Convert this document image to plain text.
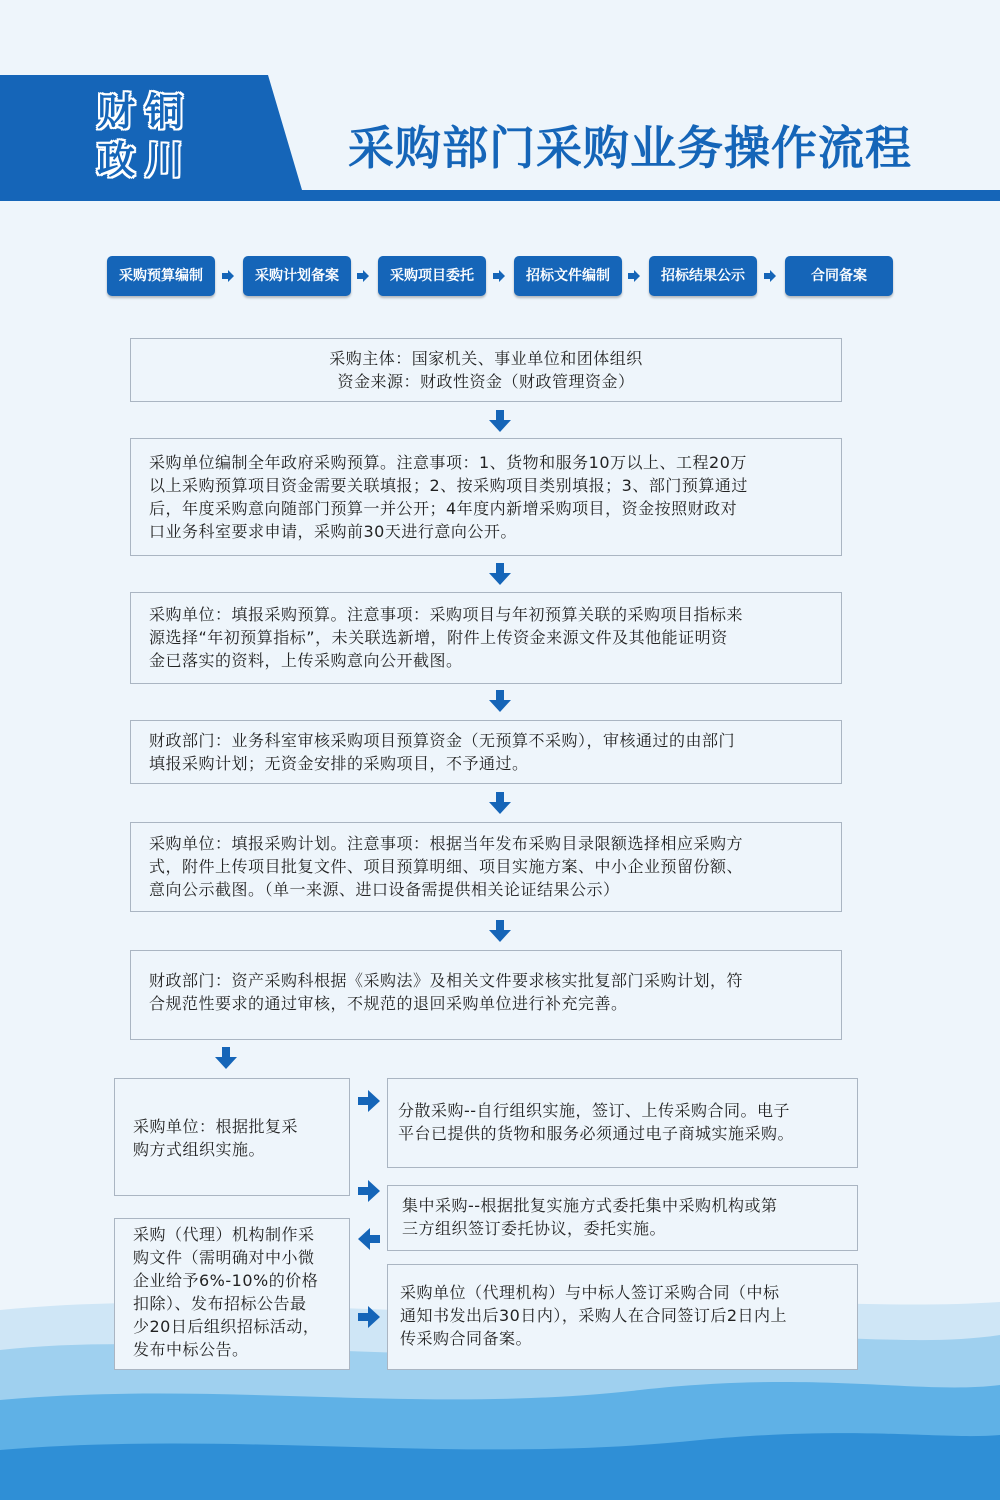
财 铜
政 川	采购部门采购业务操作流程
采购预算编制	采购计划备案	采购项目委托	招标文件编制	招标结果公示	合同备案

采购主体：国家机关、事业单位和团体组织

资金来源：财政性资金（财政管理资金）

采购单位编制全年政府采购预算。注意事项：1、货物和服务10万以上、工程20万

以上采购预算项目资金需要关联填报；2、按采购项目类别填报；3、部门预算通过

后，年度采购意向随部门预算一并公开；4年度内新增采购项目，资金按照财政对

口业务科室要求申请，采购前30天进行意向公开。

采购单位：填报采购预算。注意事项：采购项目与年初预算关联的采购项目指标来

源选择“年初预算指标”，未关联选新增，附件上传资金来源文件及其他能证明资

金已落实的资料，上传采购意向公开截图。

财政部门：业务科室审核采购项目预算资金（无预算不采购），审核通过的由部门

填报采购计划；无资金安排的采购项目，不予通过。

采购单位：填报采购计划。注意事项：根据当年发布采购目录限额选择相应采购方

式，附件上传项目批复文件、项目预算明细、项目实施方案、中小企业预留份额、

意向公示截图。（单一来源、进口设备需提供相关论证结果公示）

财政部门：资产采购科根据《采购法》及相关文件要求核实批复部门采购计划，符

合规范性要求的通过审核，不规范的退回采购单位进行补充完善。

采购单位：根据批复采

购方式组织实施。

采购（代理）机构制作采

购文件（需明确对中小微

企业给予6%-10%的价格

扣除）、发布招标公告最

少20日后组织招标活动，

发布中标公告。

分散采购--自行组织实施，签订、上传采购合同。电子

平台已提供的货物和服务必须通过电子商城实施采购。

集中采购--根据批复实施方式委托集中采购机构或第

三方组织签订委托协议，委托实施。

采购单位（代理机构）与中标人签订采购合同（中标

通知书发出后30日内），采购人在合同签订后2日内上

传采购合同备案。
